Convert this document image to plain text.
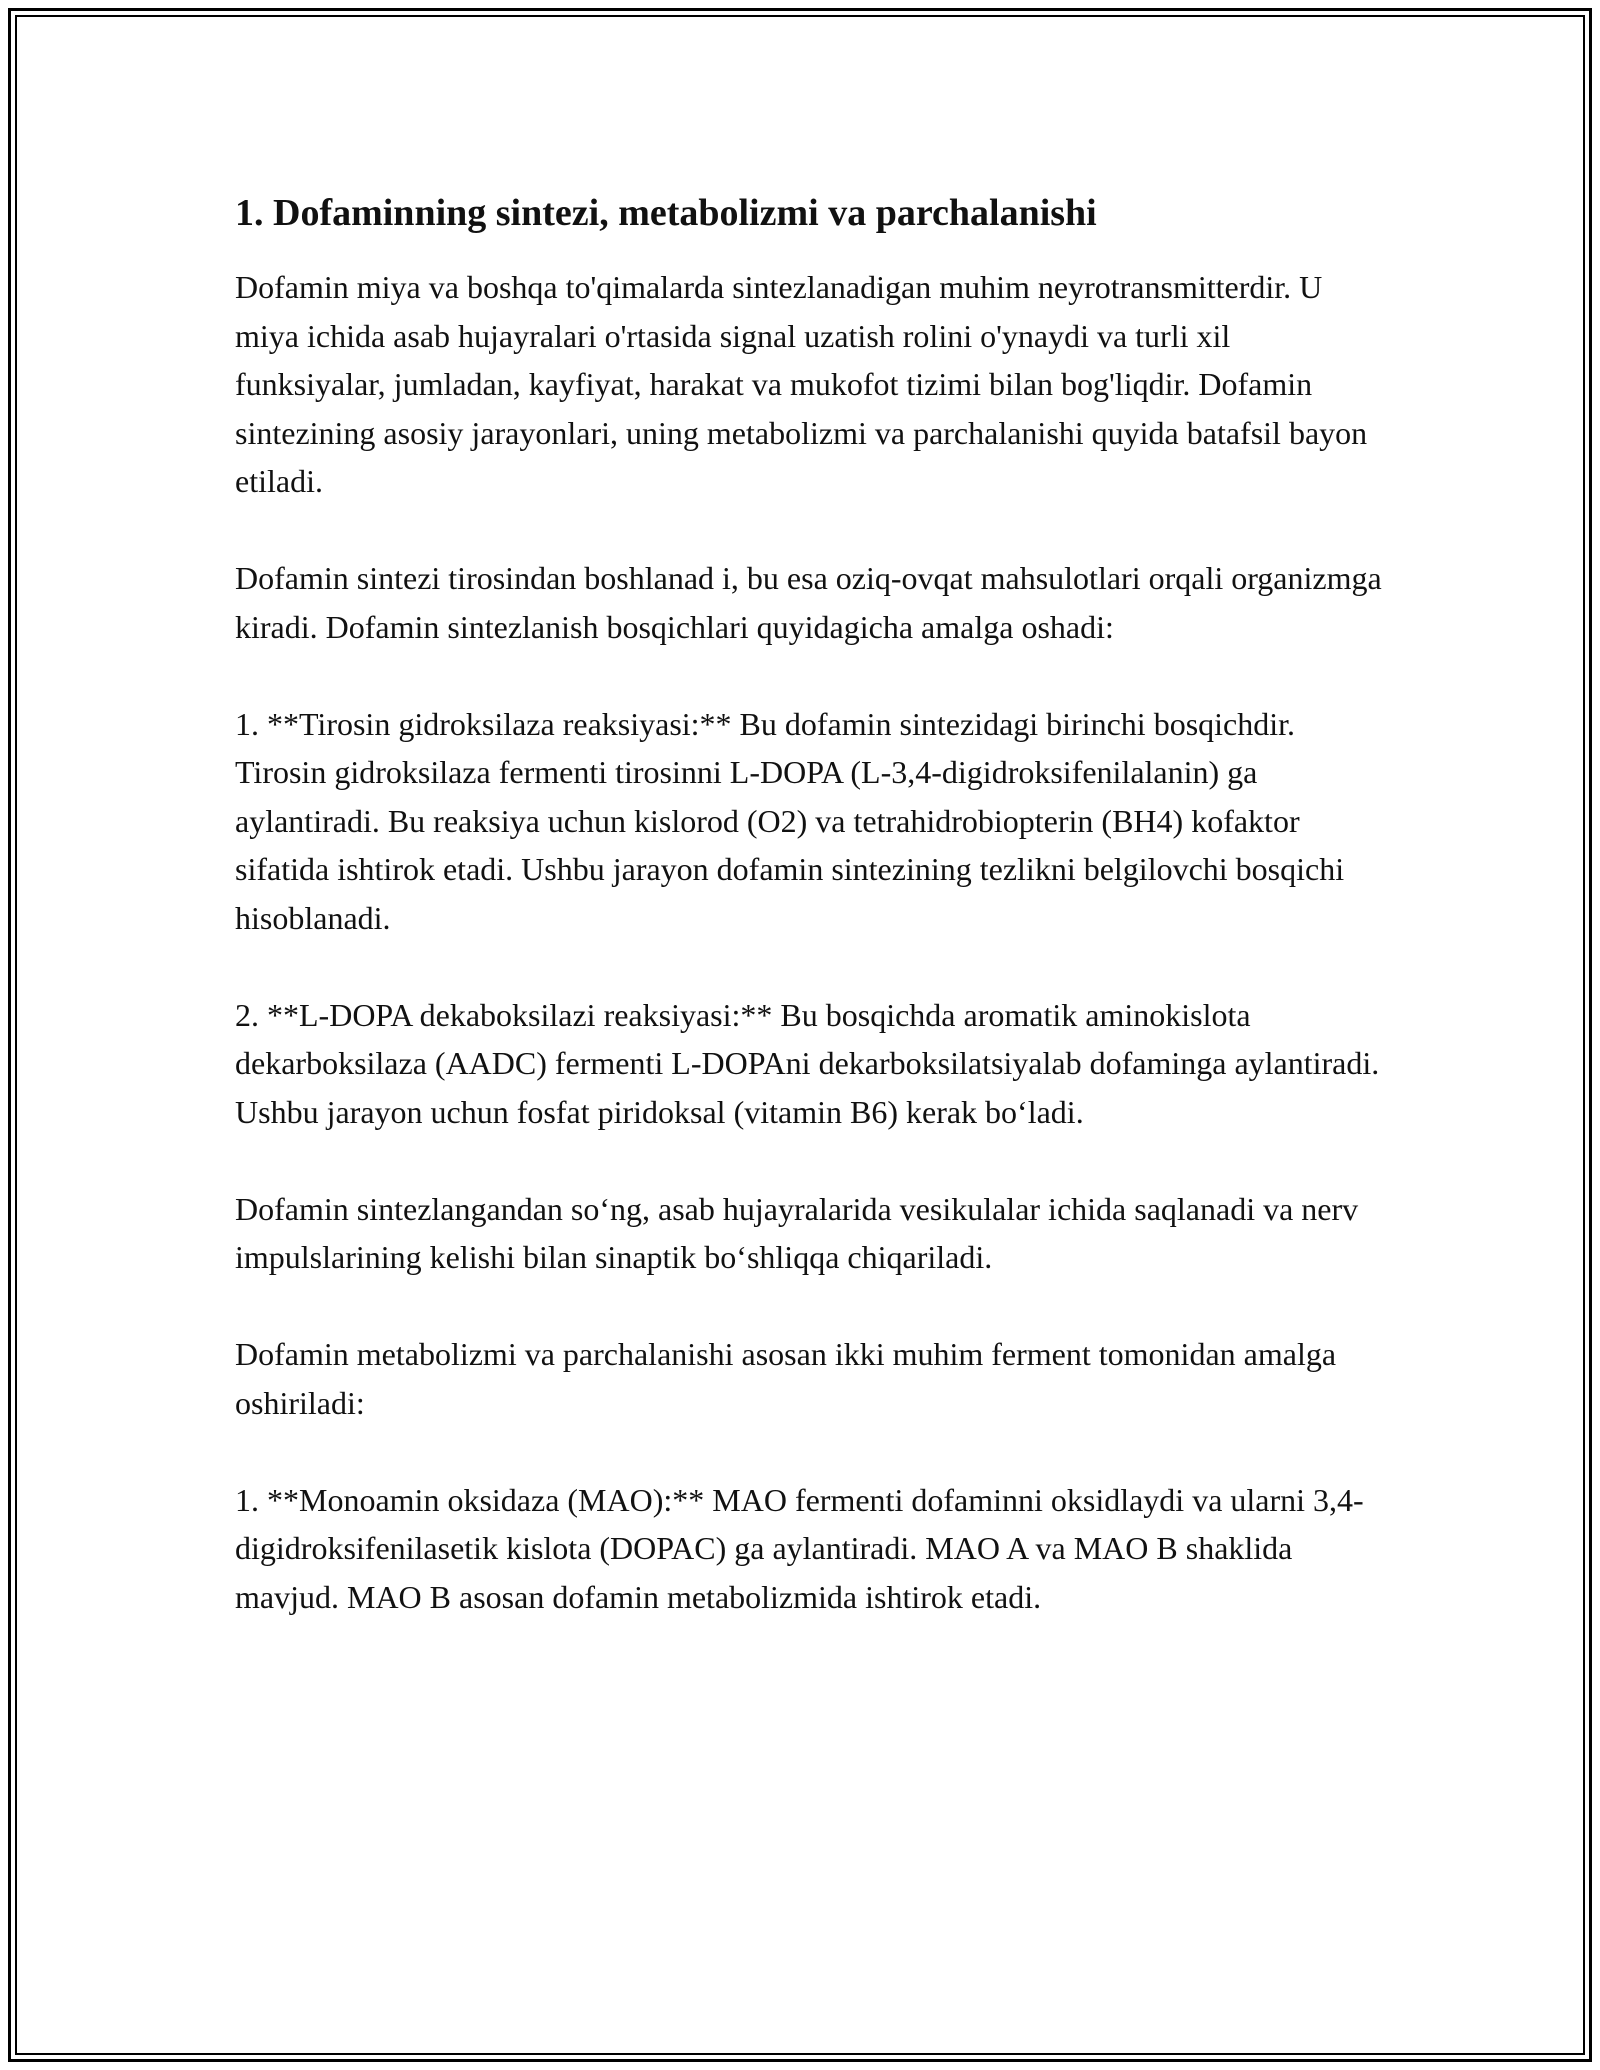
1. Dofaminning sintezi, metabolizmi va parchalanishi

Dofamin miya va boshqa to'qimalarda sintezlanadigan muhim neyrotransmitterdir. U miya ichida asab hujayralari o'rtasida signal uzatish rolini o'ynaydi va turli xil funksiyalar, jumladan, kayfiyat, harakat va mukofot tizimi bilan bog'liqdir. Dofamin sintezining asosiy jarayonlari, uning metabolizmi va parchalanishi quyida batafsil bayon etiladi.

Dofamin sintezi tirosindan boshlanad i, bu esa oziq-ovqat mahsulotlari orqali organizmga kiradi. Dofamin sintezlanish bosqichlari quyidagicha amalga oshadi:

1. **Tirosin gidroksilaza reaksiyasi:** Bu dofamin sintezidagi birinchi bosqichdir. Tirosin gidroksilaza fermenti tirosinni L-DOPA (L-3,4-digidroksifenilalanin) ga aylantiradi. Bu reaksiya uchun kislorod (O2) va tetrahidrobiopterin (BH4) kofaktor sifatida ishtirok etadi. Ushbu jarayon dofamin sintezining tezlikni belgilovchi bosqichi hisoblanadi.

2. **L-DOPA dekaboksilazi reaksiyasi:** Bu bosqichda aromatik aminokislota dekarboksilaza (AADC) fermenti L-DOPAni dekarboksilatsiyalab dofaminga aylantiradi. Ushbu jarayon uchun fosfat piridoksal (vitamin B6) kerak bo‘ladi.

Dofamin sintezlangandan so‘ng, asab hujayralarida vesikulalar ichida saqlanadi va nerv impulslarining kelishi bilan sinaptik bo‘shliqqa chiqariladi.

Dofamin metabolizmi va parchalanishi asosan ikki muhim ferment tomonidan amalga oshiriladi:

1. **Monoamin oksidaza (MAO):** MAO fermenti dofaminni oksidlaydi va ularni 3,4-digidroksifenilasetik kislota (DOPAC) ga aylantiradi. MAO A va MAO B shaklida mavjud. MAO B asosan dofamin metabolizmida ishtirok etadi.
